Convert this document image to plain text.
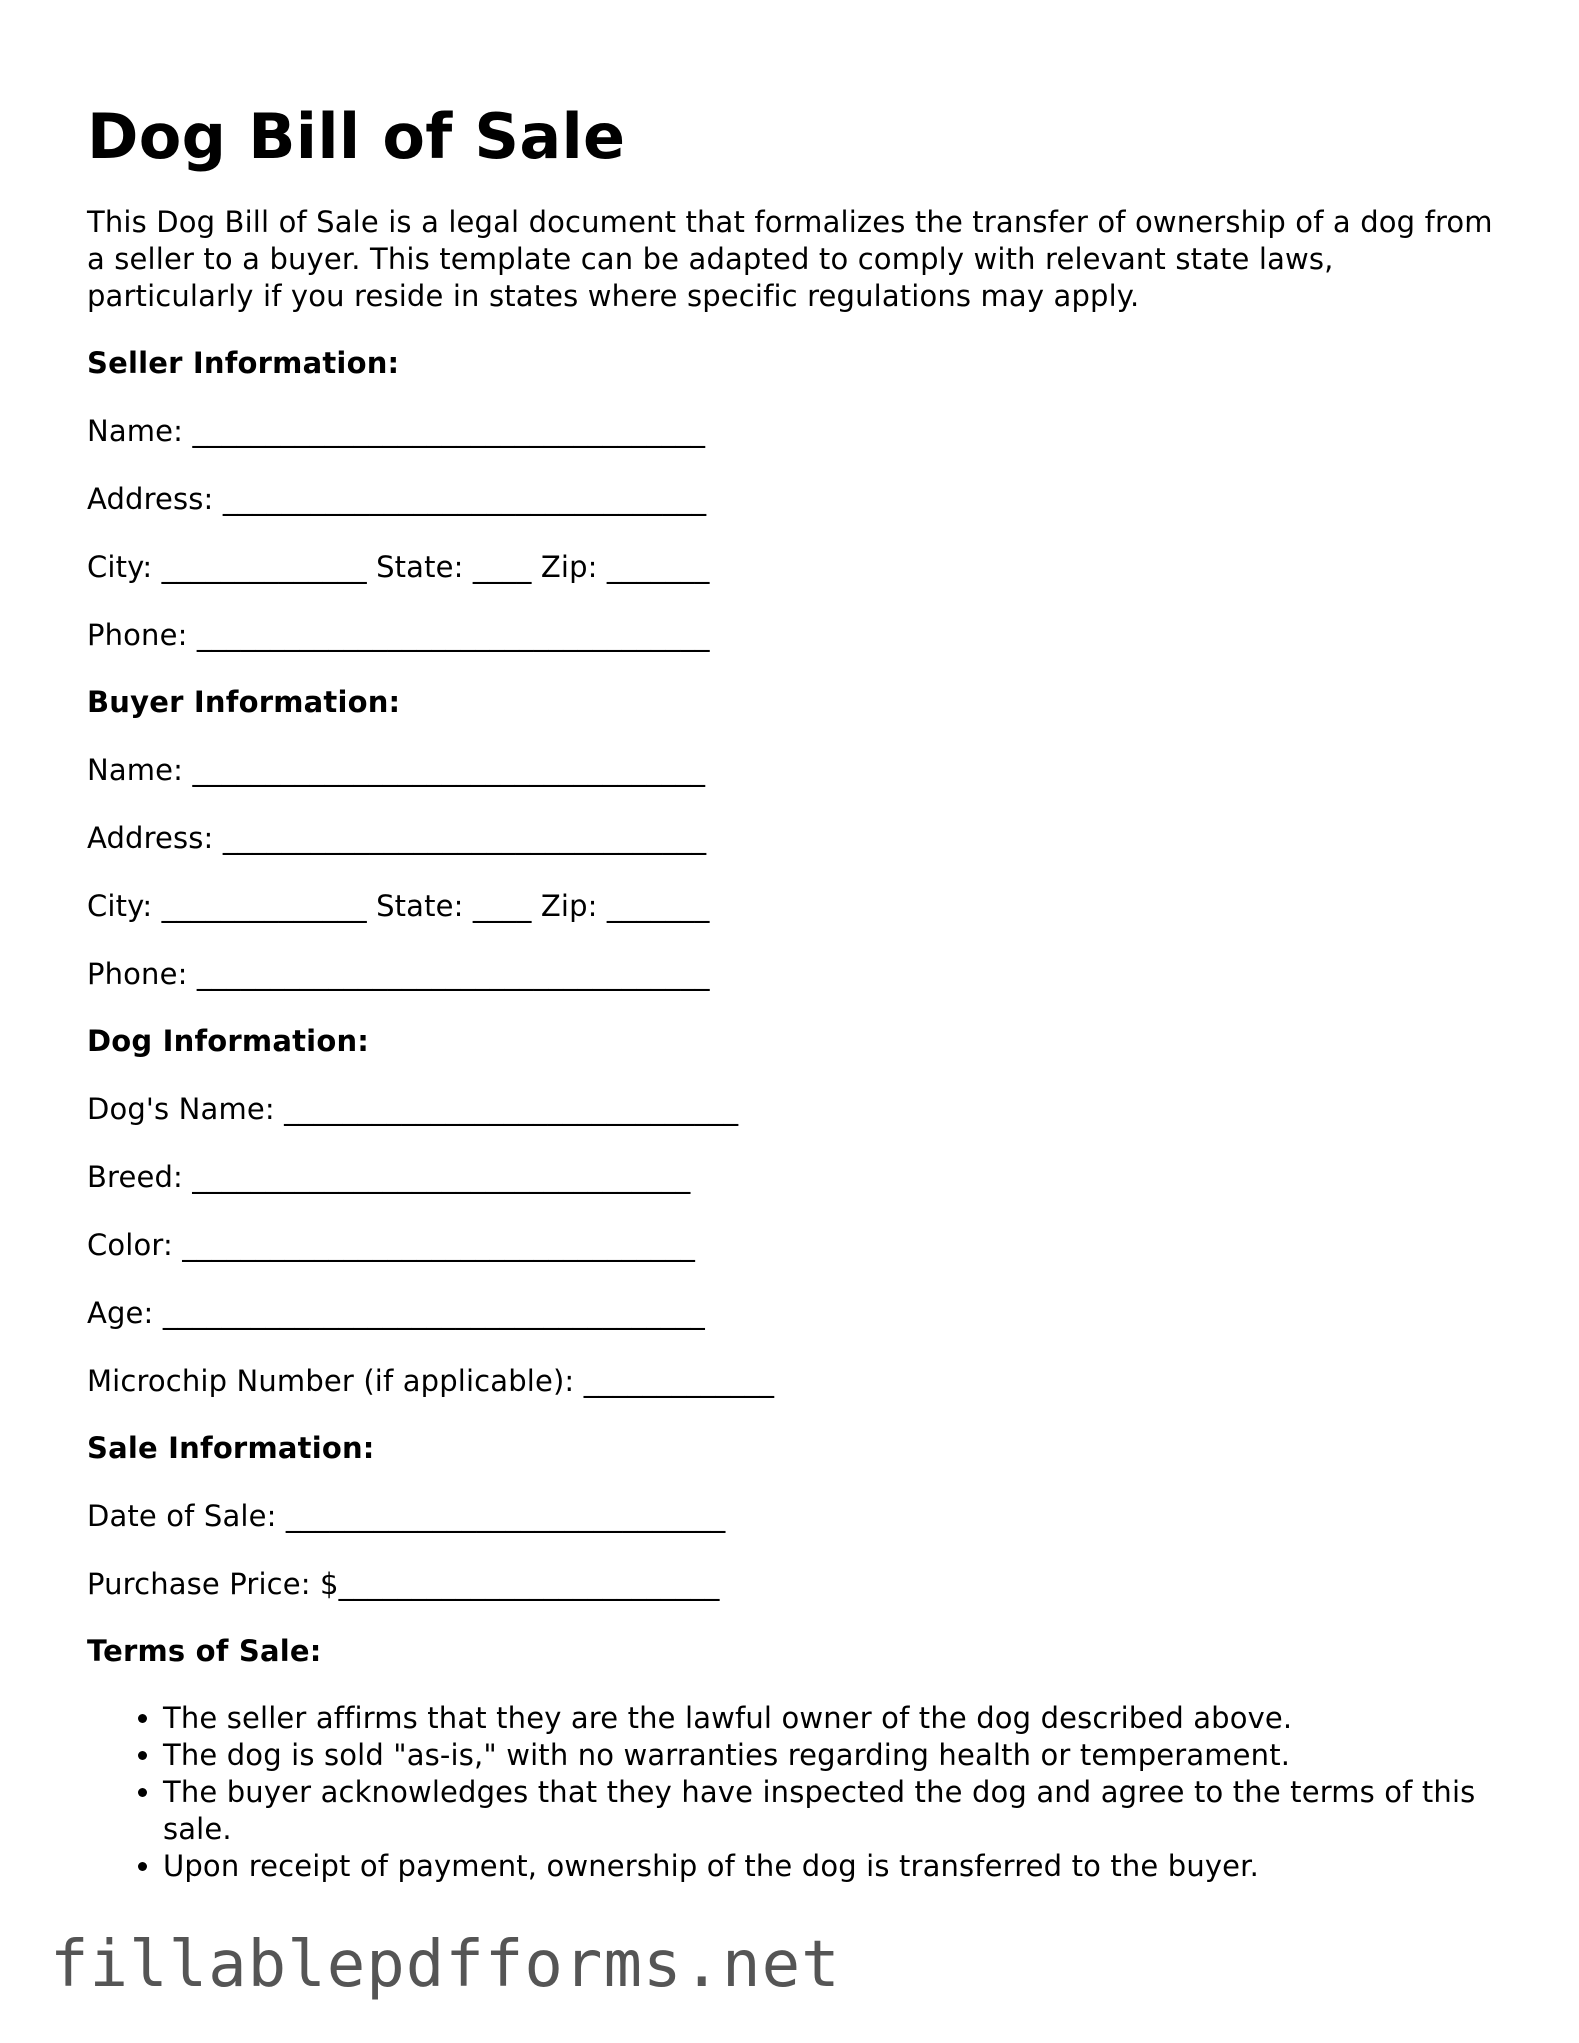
Dog Bill of Sale

This Dog Bill of Sale is a legal document that formalizes the transfer of ownership of a dog from a seller to a buyer. This template can be adapted to comply with relevant state laws, particularly if you reside in states where specific regulations may apply.

Seller Information:
Name: ___________________________________
Address: _________________________________
City: ______________ State: ____ Zip: _______
Phone: ___________________________________
Buyer Information:
Name: ___________________________________
Address: _________________________________
City: ______________ State: ____ Zip: _______
Phone: ___________________________________
Dog Information:
Dog's Name: _______________________________
Breed: __________________________________
Color: ___________________________________
Age: _____________________________________
Microchip Number (if applicable): _____________
Sale Information:
Date of Sale: ______________________________
Purchase Price: $__________________________
Terms of Sale:
• The seller affirms that they are the lawful owner of the dog described above.
• The dog is sold "as-is," with no warranties regarding health or temperament.
• The buyer acknowledges that they have inspected the dog and agree to the terms of this sale.
• Upon receipt of payment, ownership of the dog is transferred to the buyer.
fillablepdfforms.net
